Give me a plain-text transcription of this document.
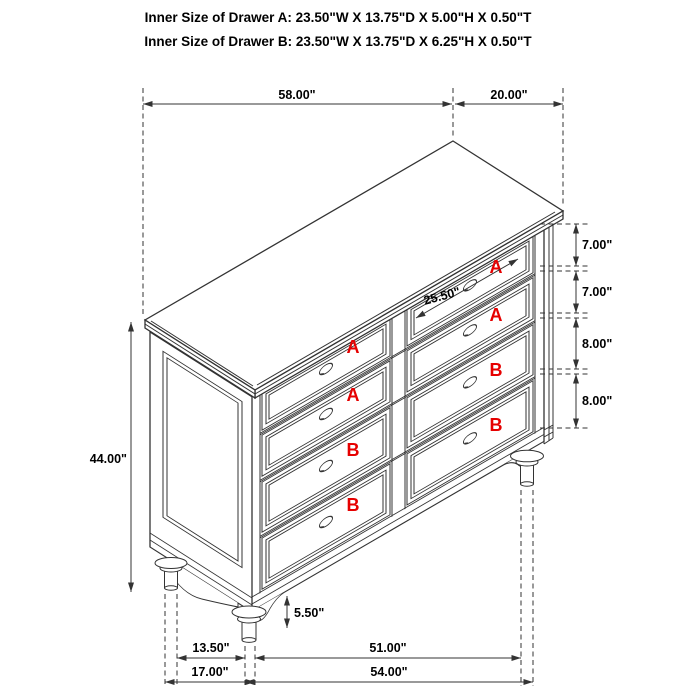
Inner Size of Drawer A: 23.50"W X 13.75"D X 5.00"H X 0.50"T
Inner Size of Drawer B: 23.50"W X 13.75"D X 6.25"H X 0.50"T
A
A
B
B
A
A
B
B
58.00"	20.00"
7.00"
7.00"
8.00"
8.00"
44.00"
25.50"
5.50"
13.50"
17.00"
51.00"
54.00"
